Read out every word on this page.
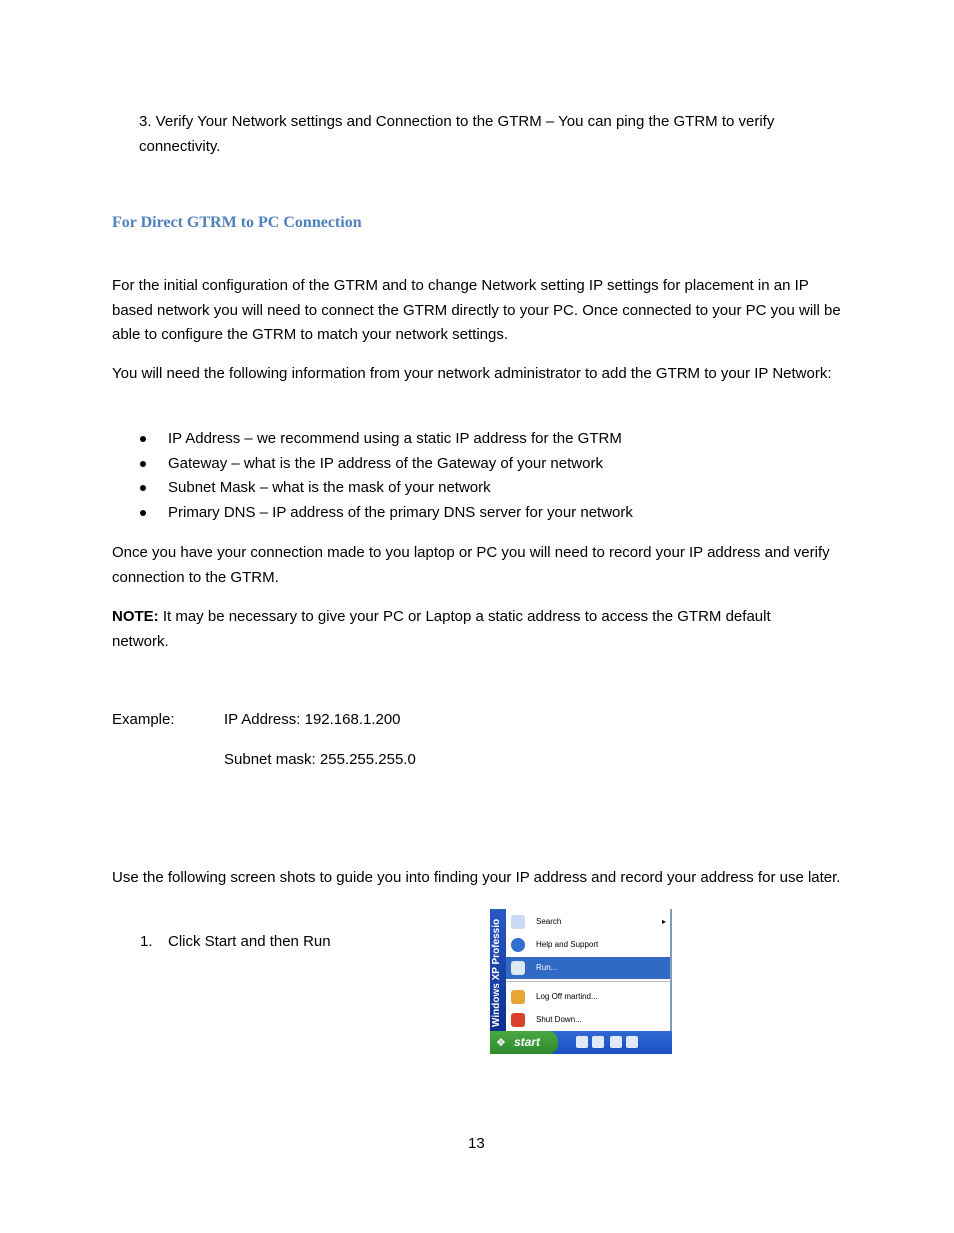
3. Verify Your Network settings and Connection to the GTRM – You can ping the GTRM to verify connectivity.
For Direct GTRM to PC Connection
For the initial configuration of the GTRM and to change Network setting IP settings for placement in an IP based network you will need to connect the GTRM directly to your PC. Once connected to your PC you will be able to configure the GTRM to match your network settings.
You will need the following information from your network administrator to add the GTRM to your IP Network:
IP Address – we recommend using a static IP address for the GTRM
Gateway – what is the IP address of the Gateway of your network
Subnet Mask – what is the mask of your network
Primary DNS – IP address of the primary DNS server for your network
Once you have your connection made to you laptop or PC you will need to record your IP address and verify connection to the GTRM.
NOTE: It may be necessary to give your PC or Laptop a static address to access the GTRM default network.
Example:	IP Address: 192.168.1.200
Subnet mask: 255.255.255.0
Use the following screen shots to guide you into finding your IP address and record your address for use later.
1. Click Start and then Run	Windows XP Professio	Search	▸
Help and Support
Run...
Log Off martind...
Shut Down...
❖ start
13
